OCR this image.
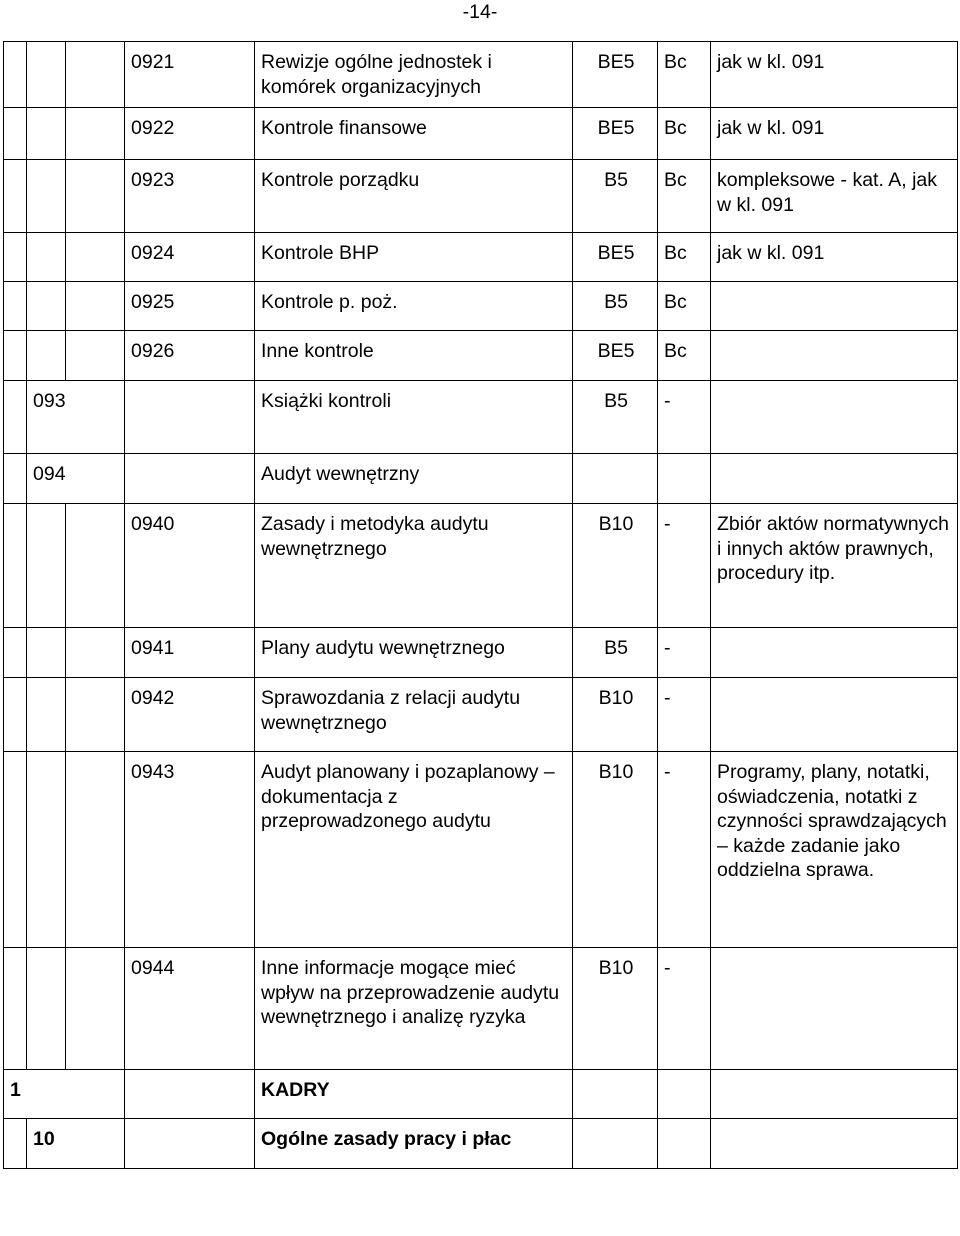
-14-
			0921	Rewizje ogólne jednostek i komórek organizacyjnych	BE5	Bc	jak w kl. 091
			0922	Kontrole finansowe	BE5	Bc	jak w kl. 091
			0923	Kontrole porządku	B5	Bc	kompleksowe - kat. A, jak w kl. 091
			0924	Kontrole BHP	BE5	Bc	jak w kl. 091
			0925	Kontrole p. poż.	B5	Bc	
			0926	Inne kontrole	BE5	Bc	
	093			Książki kontroli	B5	-	
	094			Audyt wewnętrzny			
			0940	Zasady i metodyka audytu wewnętrznego	B10	-	Zbiór aktów normatywnych i innych aktów prawnych, procedury itp.
			0941	Plany audytu wewnętrznego	B5	-	
			0942	Sprawozdania z relacji audytu wewnętrznego	B10	-	
			0943	Audyt planowany i pozaplanowy – dokumentacja z przeprowadzonego audytu	B10	-	Programy, plany, notatki, oświadczenia, notatki z czynności sprawdzających – każde zadanie jako oddzielna sprawa.
			0944	Inne informacje mogące mieć wpływ na przeprowadzenie audytu wewnętrznego i analizę ryzyka	B10	-	
1				KADRY			
	10			Ogólne zasady pracy i płac			
